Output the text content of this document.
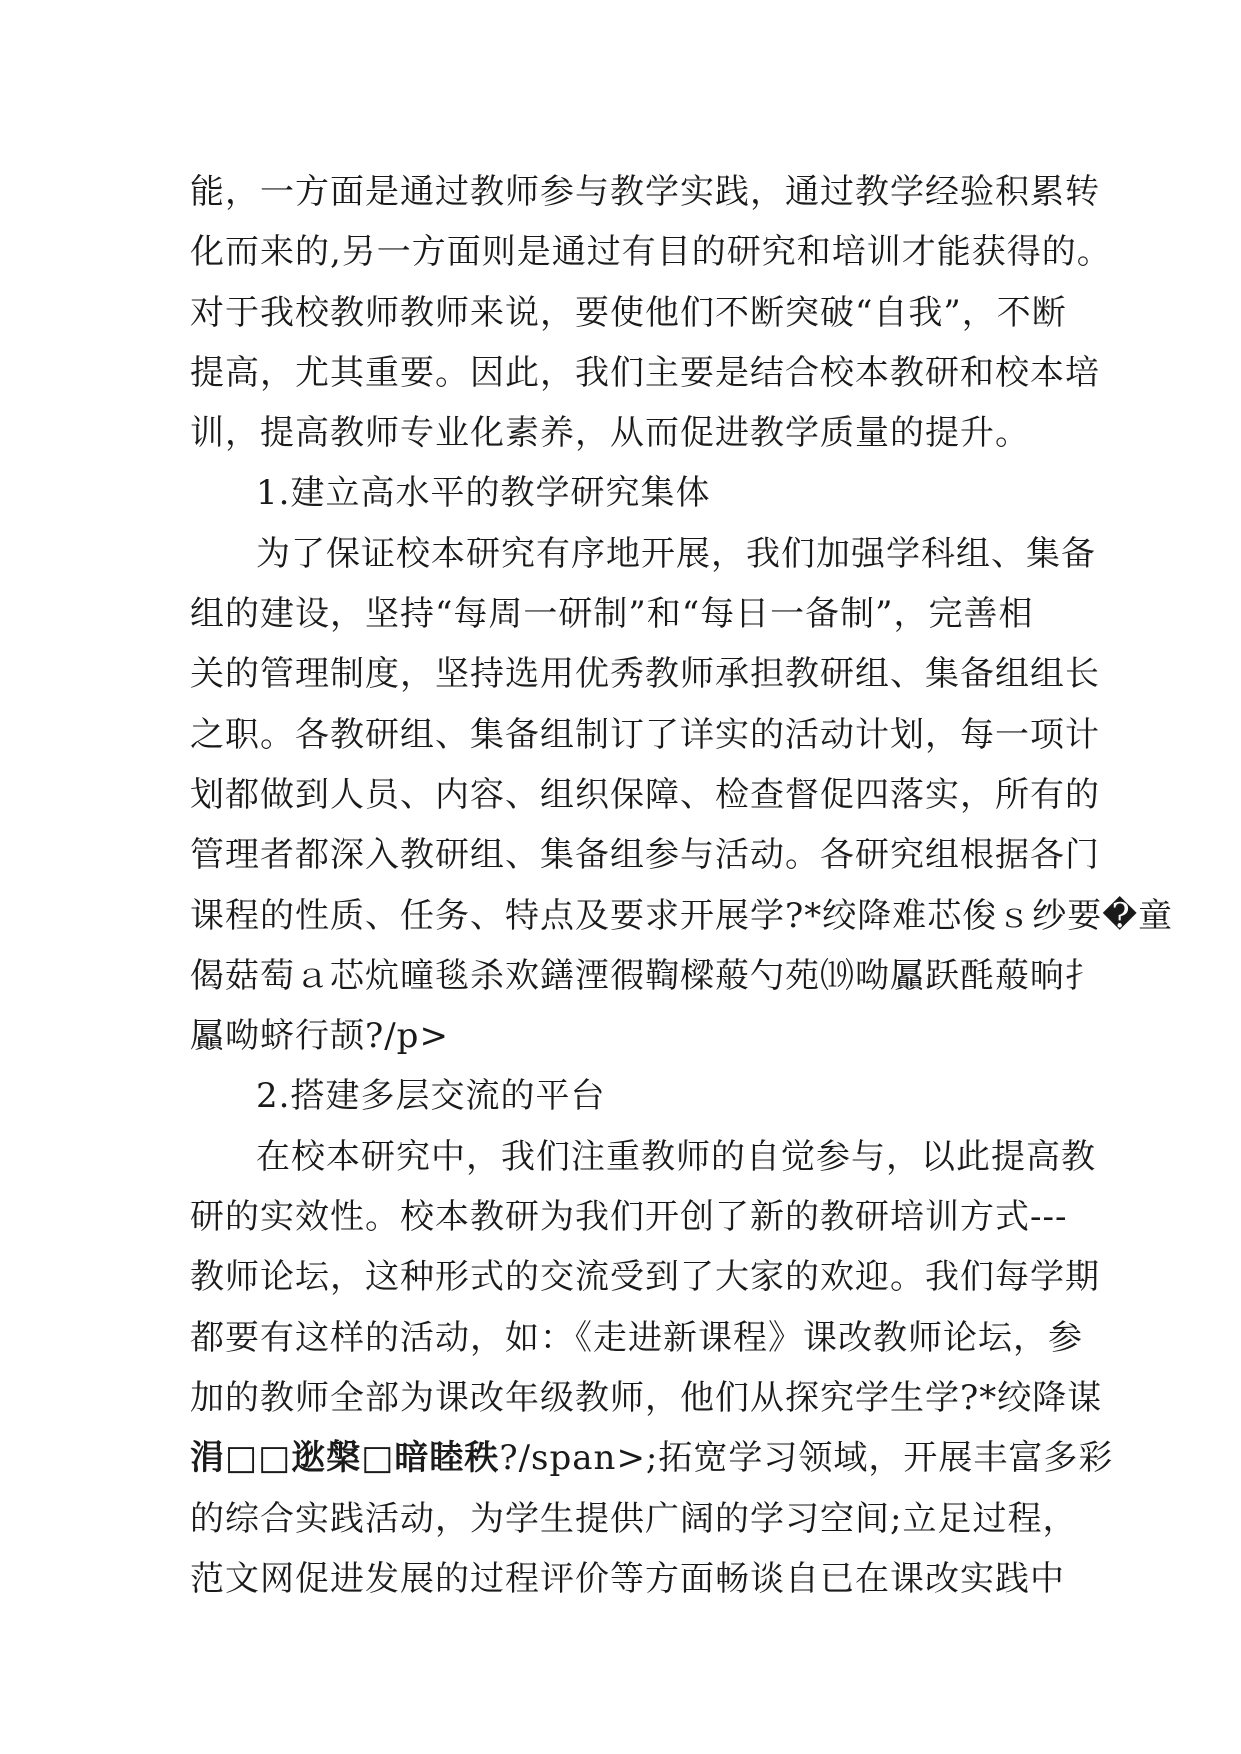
能，一方面是通过教师参与教学实践，通过教学经验积累转
化而来的,另一方面则是通过有目的研究和培训才能获得的。
对于我校教师教师来说，要使他们不断突破“自我”，不断
提高，尤其重要。因此，我们主要是结合校本教研和校本培
训，提高教师专业化素养，从而促进教学质量的提升。
1.建立高水平的教学研究集体
为了保证校本研究有序地开展，我们加强学科组、集备
组的建设，坚持“每周一研制”和“每日一备制”，完善相
关的管理制度，坚持选用优秀教师承担教研组、集备组组长
之职。各教研组、集备组制订了详实的活动计划，每一项计
划都做到人员、内容、组织保障、检查督促四落实，所有的
管理者都深入教研组、集备组参与活动。各研究组根据各门
课程的性质、任务、特点及要求开展学?*绞降难芯俊ｓ纱要�童
偈菇萄ａ芯炕曈毯杀欢鐥湮徦鞫樑蒰勺苑⒆呦屭跃酕蒰晌扌
屭呦蛴行颉?/p>
2.搭建多层交流的平台
在校本研究中，我们注重教师的自觉参与，以此提高教
研的实效性。校本教研为我们开创了新的教研培训方式---
教师论坛，这种形式的交流受到了大家的欢迎。我们每学期
都要有这样的活动，如：《走进新课程》课改教师论坛，参
加的教师全部为课改年级教师，他们从探究学生学?*绞降谋
涓□□逖槃□暗睦秩?/span>;拓宽学习领域，开展丰富多彩
的综合实践活动，为学生提供广阔的学习空间;立足过程，
范文网促进发展的过程评价等方面畅谈自已在课改实践中
